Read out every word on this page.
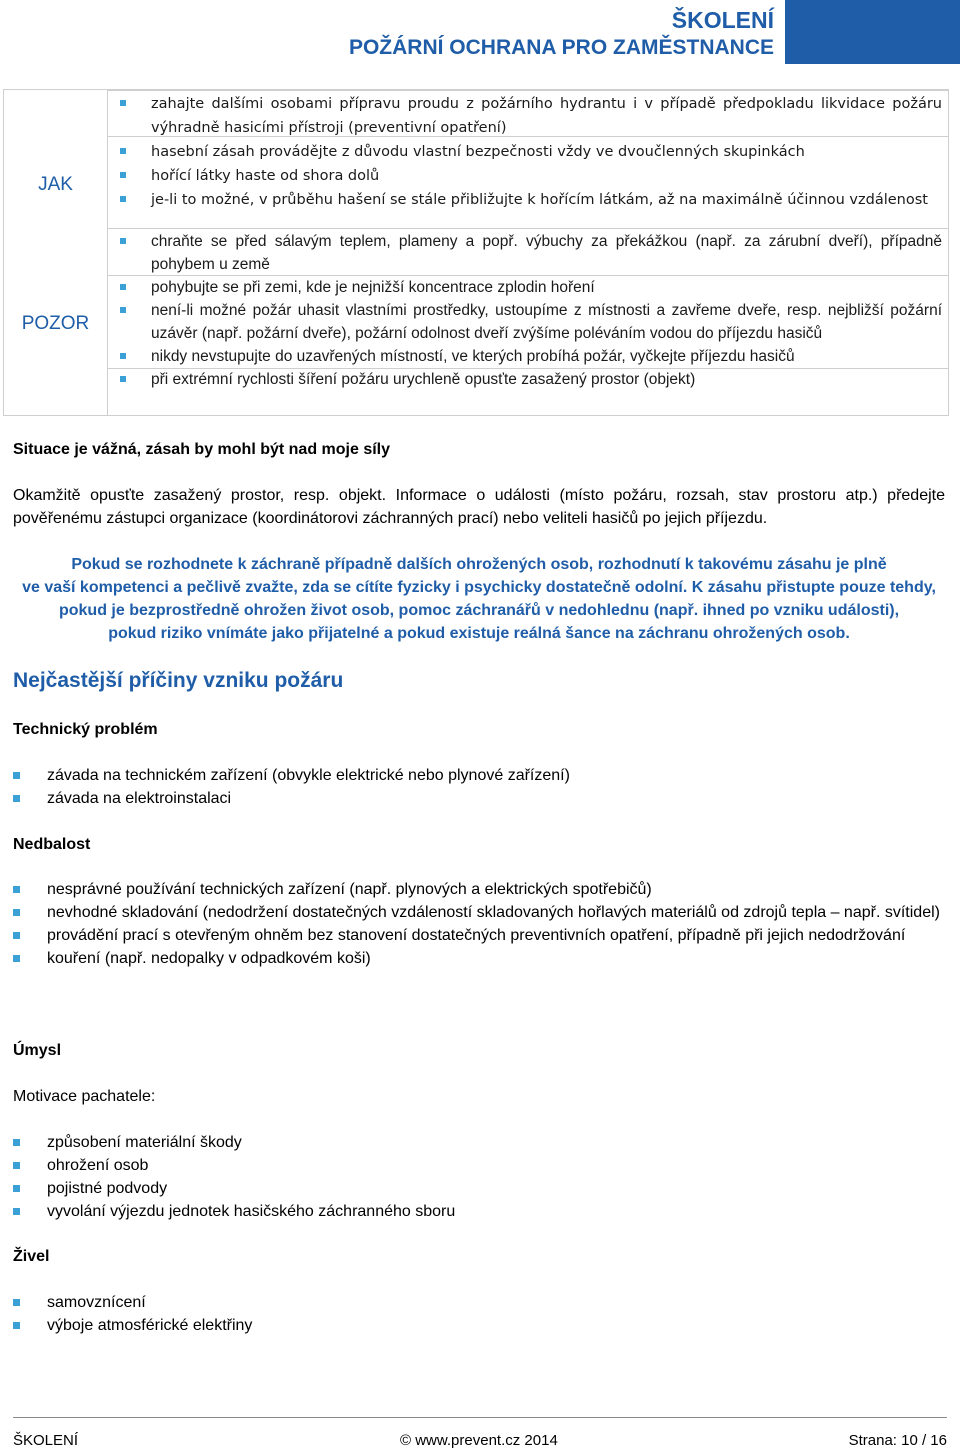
ŠKOLENÍ
POŽÁRNÍ OCHRANA PRO ZAMĚSTNANCE
JAK
POZOR
zahajte dalšími osobami přípravu proudu z požárního hydrantu i v případě předpokladu likvidace požáru výhradně hasicími přístroji (preventivní opatření)
hasební zásah provádějte z důvodu vlastní bezpečnosti vždy ve dvoučlenných skupinkách
hořící látky haste od shora dolů
je-li to možné, v průběhu hašení se stále přibližujte k hořícím látkám, až na maximálně účinnou vzdálenost
chraňte se před sálavým teplem, plameny a popř. výbuchy za překážkou (např. za zárubní dveří), případně pohybem u země
pohybujte se při zemi, kde je nejnižší koncentrace zplodin hoření
není-li možné požár uhasit vlastními prostředky, ustoupíme z místnosti a zavřeme dveře, resp. nejbližší požární uzávěr (např. požární dveře), požární odolnost dveří zvýšíme poléváním vodou do příjezdu hasičů
nikdy nevstupujte do uzavřených místností, ve kterých probíhá požár, vyčkejte příjezdu hasičů
při extrémní rychlosti šíření požáru urychleně opusťte zasažený prostor (objekt)
Situace je vážná, zásah by mohl být nad moje síly
Okamžitě opusťte zasažený prostor, resp. objekt. Informace o události (místo požáru, rozsah, stav prostoru atp.) předejte pověřenému zástupci organizace (koordinátorovi záchranných prací) nebo veliteli hasičů po jejich příjezdu.
Pokud se rozhodnete k záchraně případně dalších ohrožených osob, rozhodnutí k takovému zásahu je plně
ve vaší kompetenci a pečlivě zvažte, zda se cítíte fyzicky i psychicky dostatečně odolní. K zásahu přistupte pouze tehdy,
pokud je bezprostředně ohrožen život osob, pomoc záchranářů v nedohlednu (např. ihned po vzniku události),
pokud riziko vnímáte jako přijatelné a pokud existuje reálná šance na záchranu ohrožených osob.
Nejčastější příčiny vzniku požáru
Technický problém
závada na technickém zařízení (obvykle elektrické nebo plynové zařízení)
závada na elektroinstalaci
Nedbalost
nesprávné používání technických zařízení (např. plynových a elektrických spotřebičů)
nevhodné skladování (nedodržení dostatečných vzdáleností skladovaných hořlavých materiálů od zdrojů tepla – např. svítidel)
provádění prací s otevřeným ohněm bez stanovení dostatečných preventivních opatření, případně při jejich nedodržování
kouření (např. nedopalky v odpadkovém koši)
Úmysl
Motivace pachatele:
způsobení materiální škody
ohrožení osob
pojistné podvody
vyvolání výjezdu jednotek hasičského záchranného sboru
Živel
samovznícení
výboje atmosférické elektřiny
ŠKOLENÍ	© www.prevent.cz 2014	Strana: 10 / 16
